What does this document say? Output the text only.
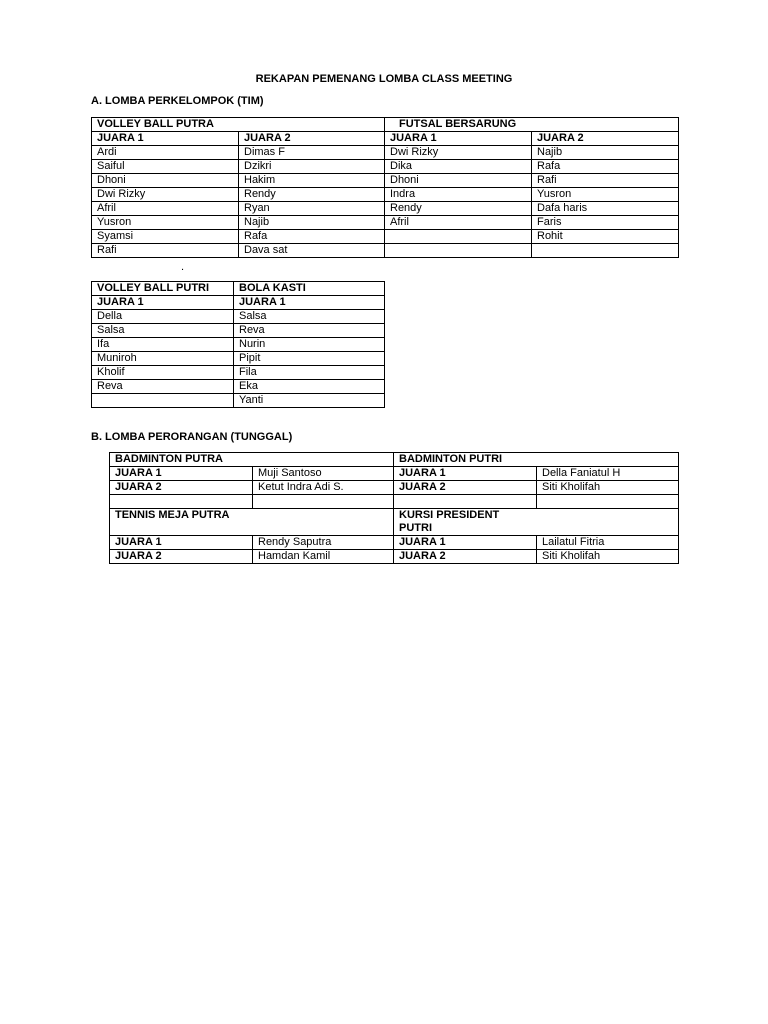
REKAPAN PEMENANG LOMBA CLASS MEETING
A. LOMBA PERKELOMPOK (TIM)
VOLLEY BALL PUTRA		FUTSAL BERSARUNG	
JUARA 1	JUARA 2	JUARA 1	JUARA 2
Ardi	Dimas F	Dwi Rizky	Najib
Saiful	Dzikri	Dika	Rafa
Dhoni	Hakim	Dhoni	Rafi
Dwi Rizky	Rendy	Indra	Yusron
Afril	Ryan	Rendy	Dafa haris
Yusron	Najib	Afril	Faris
Syamsi	Rafa		Rohit
Rafi	Dava sat		
.
VOLLEY BALL PUTRI	BOLA KASTI
JUARA 1	JUARA 1
Della	Salsa
Salsa	Reva
Ifa	Nurin
Muniroh	Pipit
Kholif	Fila
Reva	Eka
	Yanti
B. LOMBA PERORANGAN (TUNGGAL)
BADMINTON PUTRA		BADMINTON PUTRI	
JUARA 1	Muji Santoso	JUARA 1	Della Faniatul H
JUARA 2	Ketut Indra Adi S.	JUARA 2	Siti Kholifah

TENNIS MEJA PUTRA		KURSI PRESIDENT PUTRI	

JUARA 1	Rendy Saputra	JUARA 1	Lailatul Fitria
JUARA 2	Hamdan Kamil	JUARA 2	Siti Kholifah
